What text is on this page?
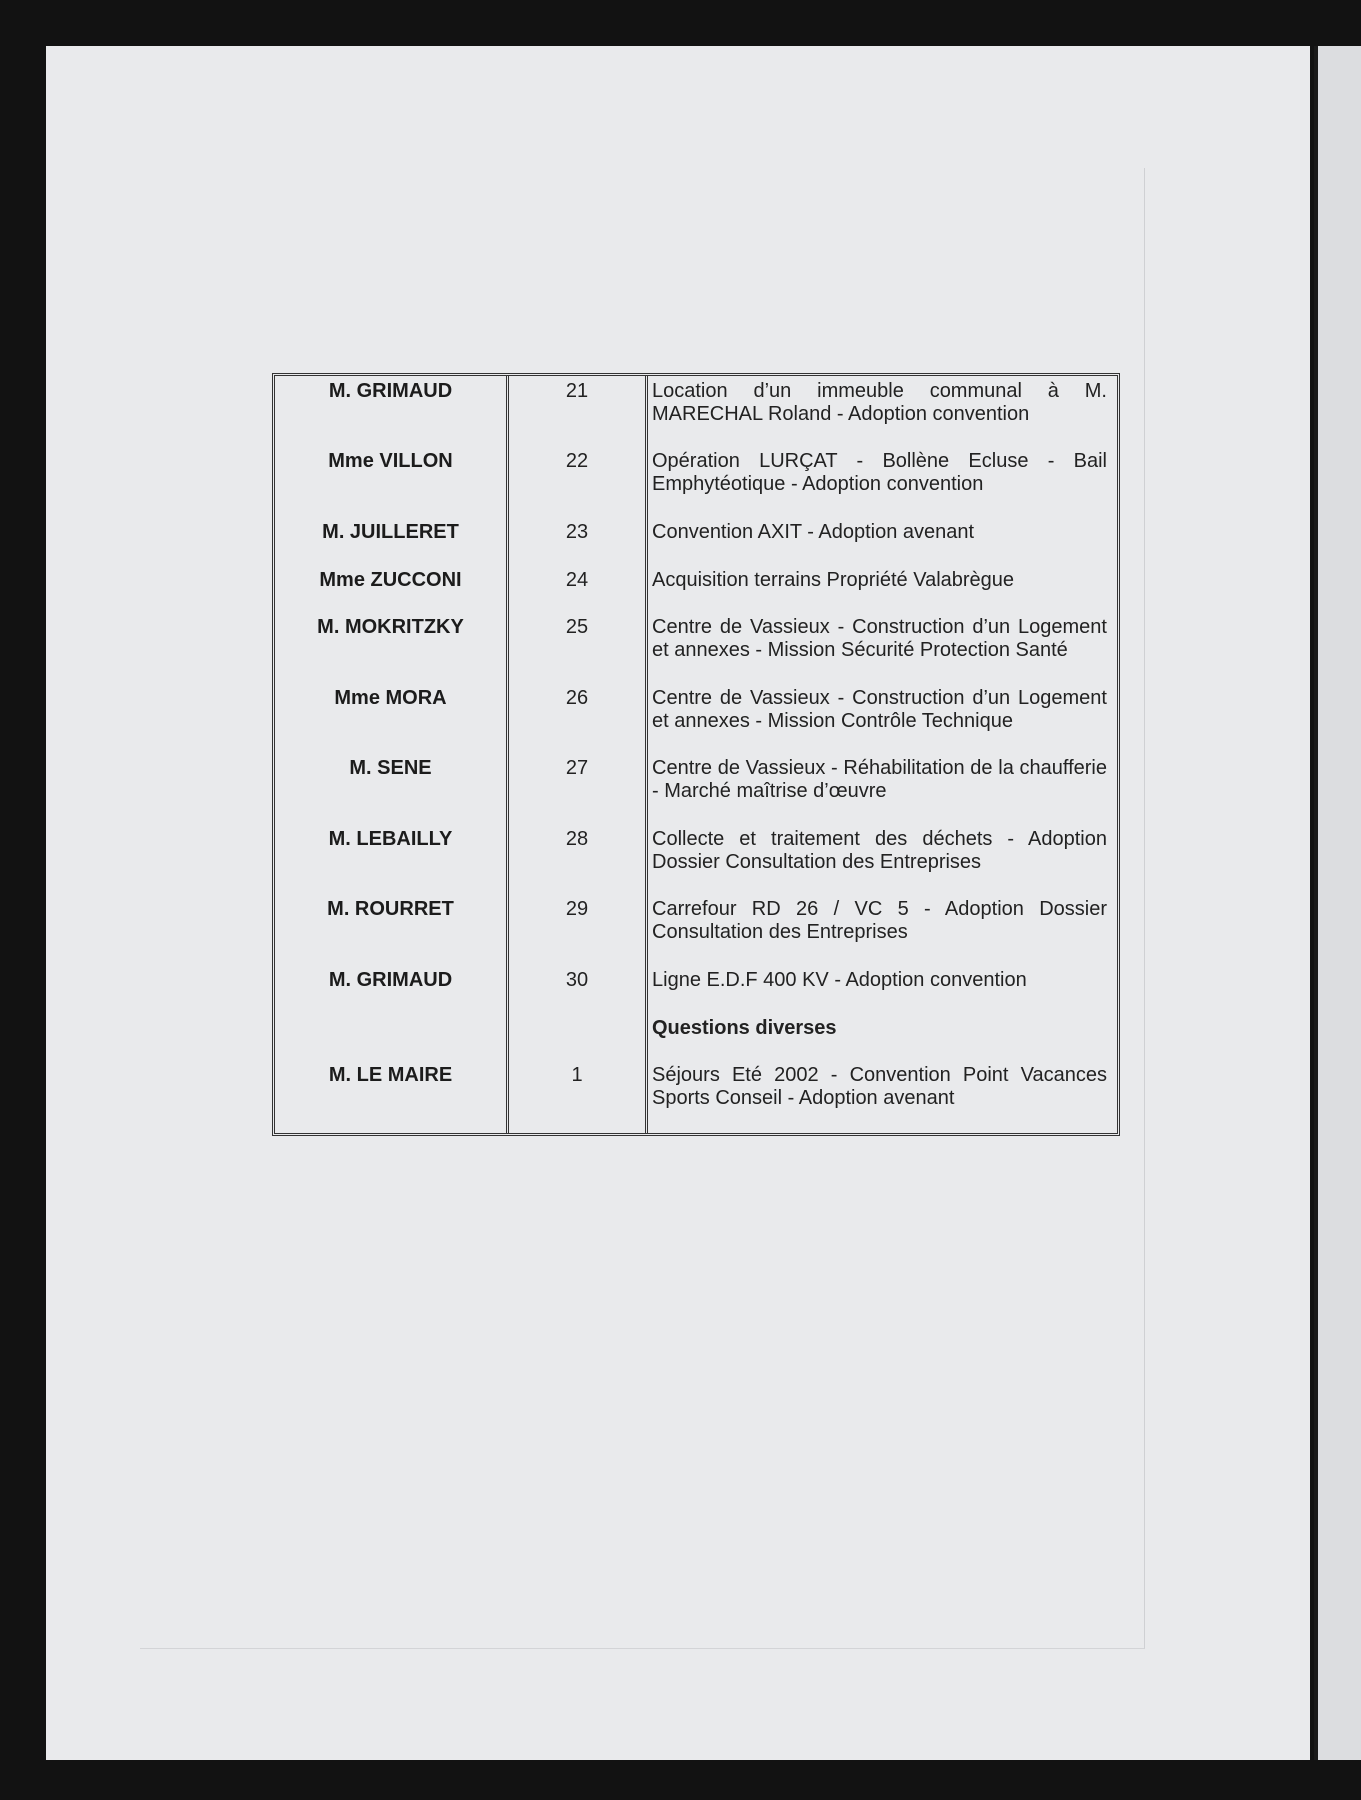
M. GRIMAUD	21	Location d’un immeuble communal à M. MARECHAL Roland - Adoption convention
Mme VILLON	22	Opération LURÇAT - Bollène Ecluse - Bail Emphytéotique - Adoption convention
M. JUILLERET	23	Convention AXIT - Adoption avenant
Mme ZUCCONI	24	Acquisition terrains Propriété Valabrègue
M. MOKRITZKY	25	Centre de Vassieux - Construction d’un Logement et annexes - Mission Sécurité Protection Santé
Mme MORA	26	Centre de Vassieux - Construction d’un Logement et annexes - Mission Contrôle Technique
M. SENE	27	Centre de Vassieux - Réhabilitation de la chaufferie - Marché maîtrise d’œuvre
M. LEBAILLY	28	Collecte et traitement des déchets - Adoption Dossier Consultation des Entreprises
M. ROURRET	29	Carrefour RD 26 / VC 5 - Adoption Dossier Consultation des Entreprises
M. GRIMAUD	30	Ligne E.D.F 400 KV - Adoption convention
Questions diverses
M. LE MAIRE	1	Séjours Eté 2002 - Convention Point Vacances Sports Conseil - Adoption avenant
